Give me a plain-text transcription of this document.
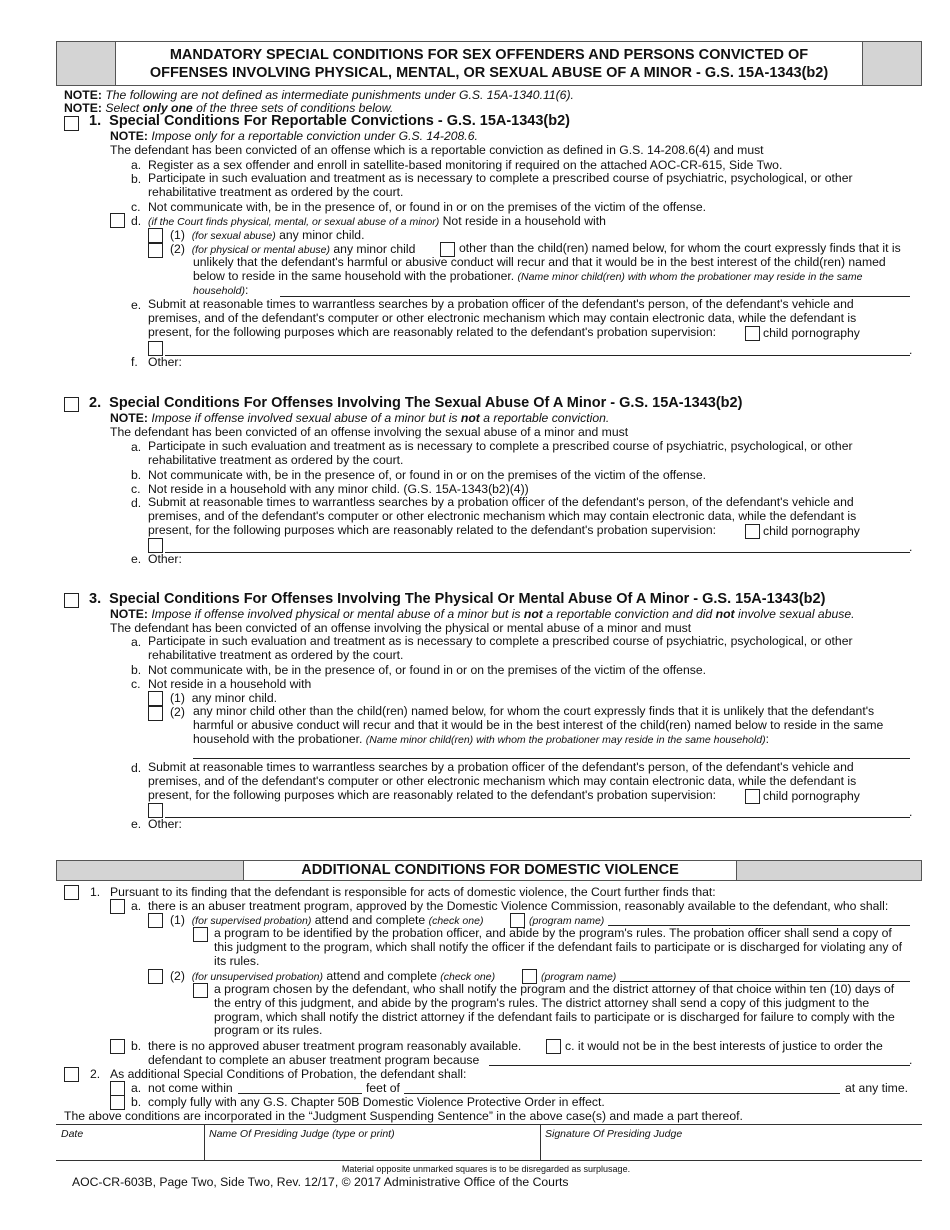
MANDATORY SPECIAL CONDITIONS FOR SEX OFFENDERS AND PERSONS CONVICTED OF
OFFENSES INVOLVING PHYSICAL, MENTAL, OR SEXUAL ABUSE OF A MINOR - G.S. 15A-1343(b2)
NOTE: The following are not defined as intermediate punishments under G.S. 15A-1340.11(6).
NOTE: Select only one of the three sets of conditions below.
1. Special Conditions For Reportable Convictions - G.S. 15A-1343(b2)
NOTE: Impose only for a reportable conviction under G.S. 14-208.6.
The defendant has been convicted of an offense which is a reportable conviction as defined in G.S. 14-208.6(4) and must
a. Register as a sex offender and enroll in satellite-based monitoring if required on the attached AOC-CR-615, Side Two.
b. Participate in such evaluation and treatment as is necessary to complete a prescribed course of psychiatric, psychological, or other rehabilitative treatment as ordered by the court.
c. Not communicate with, be in the presence of, or found in or on the premises of the victim of the offense.
d. (if the Court finds physical, mental, or sexual abuse of a minor) Not reside in a household with
(1) (for sexual abuse) any minor child.
(2) (for physical or mental abuse) any minor child	other than the child(ren) named below, for whom the court expressly finds that it is unlikely that the defendant's harmful or abusive conduct will recur and that it would be in the best interest of the child(ren) named below to reside in the same household with the probationer. (Name minor child(ren) with whom the probationer may reside in the same household):
e. Submit at reasonable times to warrantless searches by a probation officer of the defendant's person, of the defendant's vehicle and premises, and of the defendant's computer or other electronic mechanism which may contain electronic data, while the defendant is present, for the following purposes which are reasonably related to the defendant's probation supervision:	child pornography
.
f. Other:
2. Special Conditions For Offenses Involving The Sexual Abuse Of A Minor - G.S. 15A-1343(b2)
NOTE: Impose if offense involved sexual abuse of a minor but is not a reportable conviction.
The defendant has been convicted of an offense involving the sexual abuse of a minor and must
a. Participate in such evaluation and treatment as is necessary to complete a prescribed course of psychiatric, psychological, or other rehabilitative treatment as ordered by the court.
b. Not communicate with, be in the presence of, or found in or on the premises of the victim of the offense.
c. Not reside in a household with any minor child. (G.S. 15A-1343(b2)(4))
d. Submit at reasonable times to warrantless searches by a probation officer of the defendant's person, of the defendant's vehicle and premises, and of the defendant's computer or other electronic mechanism which may contain electronic data, while the defendant is present, for the following purposes which are reasonably related to the defendant's probation supervision:	child pornography
.
e. Other:
3. Special Conditions For Offenses Involving The Physical Or Mental Abuse Of A Minor - G.S. 15A-1343(b2)
NOTE: Impose if offense involved physical or mental abuse of a minor but is not a reportable conviction and did not involve sexual abuse.
The defendant has been convicted of an offense involving the physical or mental abuse of a minor and must
a. Participate in such evaluation and treatment as is necessary to complete a prescribed course of psychiatric, psychological, or other rehabilitative treatment as ordered by the court.
b. Not communicate with, be in the presence of, or found in or on the premises of the victim of the offense.
c. Not reside in a household with
(1) any minor child.
(2) any minor child other than the child(ren) named below, for whom the court expressly finds that it is unlikely that the defendant's harmful or abusive conduct will recur and that it would be in the best interest of the child(ren) named below to reside in the same household with the probationer. (Name minor child(ren) with whom the probationer may reside in the same household):
d. Submit at reasonable times to warrantless searches by a probation officer of the defendant's person, of the defendant's vehicle and premises, and of the defendant's computer or other electronic mechanism which may contain electronic data, while the defendant is present, for the following purposes which are reasonably related to the defendant's probation supervision:	child pornography
.
e. Other:
ADDITIONAL CONDITIONS FOR DOMESTIC VIOLENCE
1. Pursuant to its finding that the defendant is responsible for acts of domestic violence, the Court further finds that:
a. there is an abuser treatment program, approved by the Domestic Violence Commission, reasonably available to the defendant, who shall:
(1) (for supervised probation) attend and complete (check one)	(program name)
a program to be identified by the probation officer, and abide by the program's rules. The probation officer shall send a copy of this judgment to the program, which shall notify the officer if the defendant fails to participate or is discharged for violating any of its rules.
(2) (for unsupervised probation) attend and complete (check one)	(program name)
a program chosen by the defendant, who shall notify the program and the district attorney of that choice within ten (10) days of the entry of this judgment, and abide by the program's rules. The district attorney shall send a copy of this judgment to the program, which shall notify the district attorney if the defendant fails to participate or is discharged for failure to comply with the program or its rules.
b. there is no approved abuser treatment program reasonably available.	c. it would not be in the best interests of justice to order the
defendant to complete an abuser treatment program because	.
2. As additional Special Conditions of Probation, the defendant shall:
a. not come within	feet of	at any time.
b. comply fully with any G.S. Chapter 50B Domestic Violence Protective Order in effect.
The above conditions are incorporated in the “Judgment Suspending Sentence” in the above case(s) and made a part thereof.
Date	Name Of Presiding Judge (type or print)	Signature Of Presiding Judge
Material opposite unmarked squares is to be disregarded as surplusage.
AOC-CR-603B, Page Two, Side Two, Rev. 12/17, © 2017 Administrative Office of the Courts
